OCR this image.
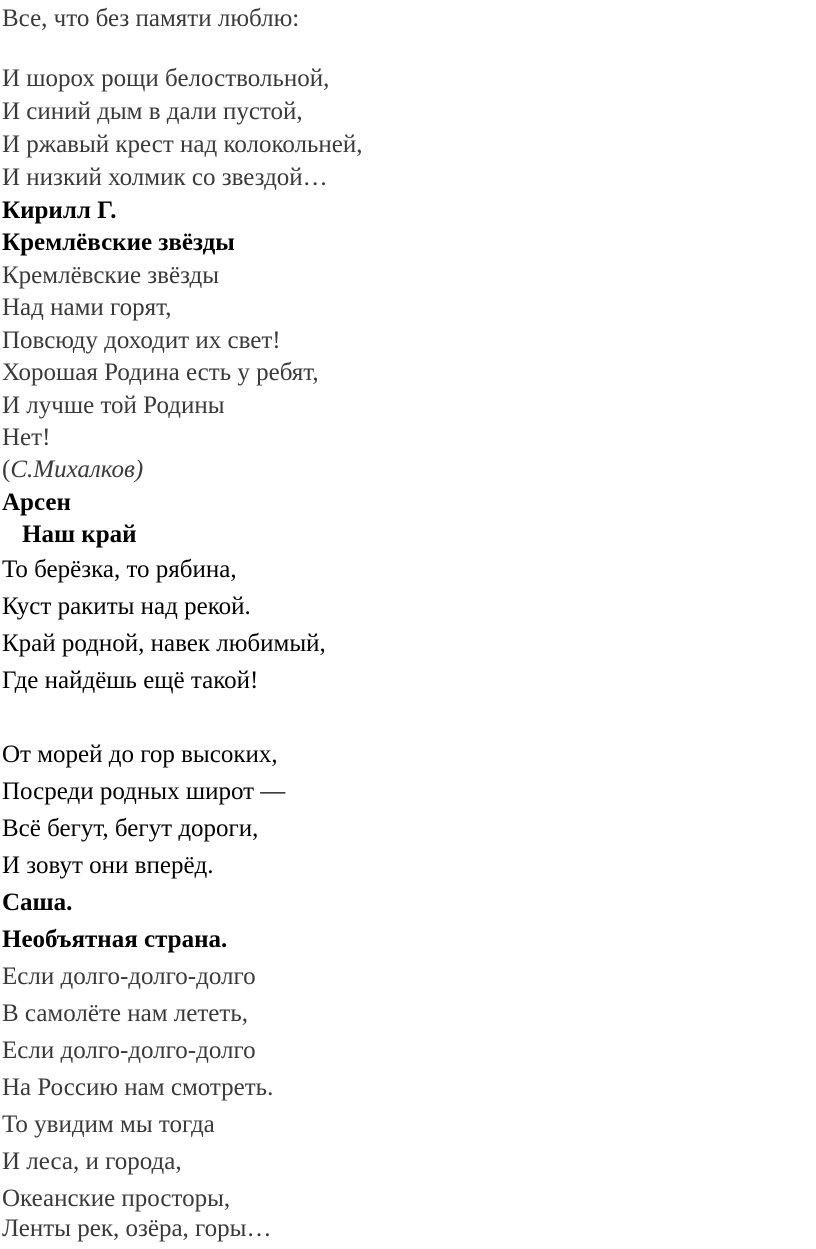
Все, что без памяти люблю:
И шорох рощи белоствольной,
И синий дым в дали пустой,
И ржавый крест над колокольней,
И низкий холмик со звездой…
Кирилл Г.
Кремлёвские звёзды
Кремлёвские звёзды
Над нами горят,
Повсюду доходит их свет!
Хорошая Родина есть у ребят,
И лучше той Родины
Нет!
(С.Михалков)
Арсен
Наш край
То берёзка, то рябина,
Куст ракиты над рекой.
Край родной, навек любимый,
Где найдёшь ещё такой!
От морей до гор высоких,
Посреди родных широт —
Всё бегут, бегут дороги,
И зовут они вперёд.
Саша.
Необъятная страна.
Если долго-долго-долго
В самолёте нам лететь,
Если долго-долго-долго
На Россию нам смотреть.
То увидим мы тогда
И леса, и города,
Океанские просторы,
Ленты рек, озёра, горы…
